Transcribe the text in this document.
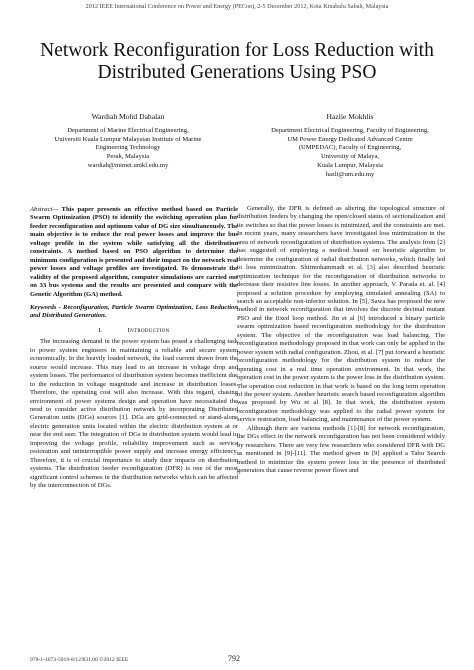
2012 IEEE International Conference on Power and Energy (PECon), 2-5 December 2012, Kota Kinabalu Sabah, Malaysia
Network Reconfiguration for Loss Reduction with
Distributed Generations Using PSO
Wardiah Mohd Dahalan
Department of Marine Electrical Engineering,
Universiti Kuala Lumpur Malaysian Institute of Marine
Engineering Technology
Perak, Malaysia
wardiah@mimet.unikl.edu.my
Hazlie Mokhlis
Department Electrical Engineering, Faculty of Engineering,
UM Power Energy Dedicated Advanced Centre
(UMPEDAC), Faculty of Engineering,
University of Malaya,
Kuala Lumpur, Malaysia
hazli@um.edu.my

Abstract— This paper presents an effective method based on Particle Swarm Optimization (PSO) to identify the switching operation plan for feeder reconfiguration and optimum value of DG size simultaneously. The main objective is to reduce the real power losses and improve the bus voltage profile in the system while satisfying all the distribution constraints. A method based on PSO algorithm to determine the minimum configuration is presented and their impact on the network real power losses and voltage profiles are investigated. To demonstrate the validity of the proposed algorithm, computer simulations are carried out on 33 bus systems and the results are presented and compare with the Genetic Algorithm (GA) method.

Keywords - Reconfiguration, Particle Swarm Optimization, Loss Reduction and Distributed Generation.

I.	Introduction

The increasing demand in the power system has posed a challenging task to power system engineers in maintaining a reliable and secure system economically. In the heavily loaded network, the load current drawn from the source would increase. This may lead to an increase in voltage drop and system losses. The performance of distribution system becomes inefficient due to the reduction in voltage magnitude and increase in distribution losses. Therefore, the operating cost will also increase. With this regard, chasing environment of power systems design and operation have necessitated the need to consider active distribution network by incorporating Distributed Generation units (DGs) sources [1]. DGs are grid-connected or stand-alone electric generation units located within the electric distribution system at or near the end user. The integration of DGs in distribution system would lead to improving the voltage profile, reliability improvement such as service restoration and uninterruptible power supply and increase energy efficiency. Therefore, it is of crucial importance to study their impacts on distribution systems. The distribution feeder reconfiguration (DFR) is one of the most significant control schemes in the distribution networks which can be affected by the interconnection of DGs.

Generally, the DFR is defined as altering the topological structure of distribution feeders by changing the open/closed status of sectionalization and tie switches so that the power losses is minimized, and the constraints are met. In recent years, many researchers have investigated loss minimization in the area of network reconfiguration of distribution systems. The analysis from [2] has suggested of employing a method based on heuristic algorithm to determine the configuration of radial distribution networks, which finally led to loss minimization. Shirmohammadi et al. [3] also described heuristic optimization technique for the reconfiguration of distribution networks to decrease their resistive line losses. In another approach, V. Parada et. al. [4] proposed a solution procedure by employing simulated annealing (SA) to search an acceptable non-inferior solution. In [5], Sawa has proposed the new method in network reconfiguration that involves the discrete decimal mutant PSO and the fixed loop method. Jin et al [6] introduced a binary particle swarm optimization based reconfiguration methodology for the distribution system. The objective of the reconfiguration was load balancing. The reconfiguration methodology proposed in that work can only be applied in the power system with radial configuration. Zhou, et al. [7] put forward a heuristic reconfiguration methodology for the distribution system to reduce the operating cost in a real time operation environment. In that work, the operation cost in the power system is the power loss in the distribution system. The operation cost reduction in that work is based on the long term operation of the power system. Another heuristic search based reconfiguration algorithm was proposed by Wu et al [8]. In that work, the distribution system reconfiguration methodology was applied to the radial power system for service restoration, load balancing, and maintenance of the power system.

Although there are various methods [1]-[8] for network reconfiguration, the DGs effect in the network reconfiguration has not been considered widely by researchers. There are very few researchers who considered DFR with DG as mentioned in [9]-[11]. The method given in [9] applied a Tabu Search method to minimize the system power loss in the presence of distributed generators that cause reverse power flows and

978-1-4673-5019-8/12/$31.00 ©2012 IEEE	792
